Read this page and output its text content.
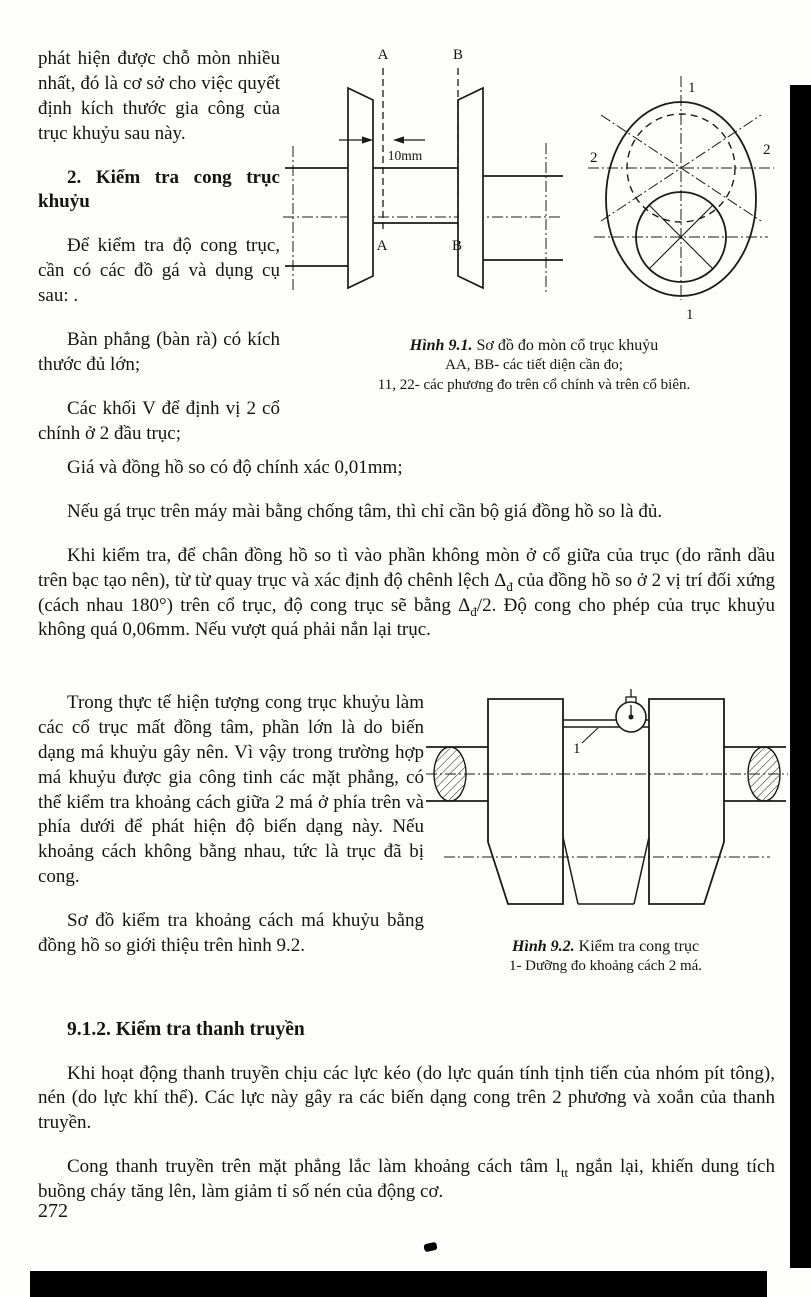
phát hiện được chỗ mòn nhiều nhất, đó là cơ sở cho việc quyết định kích thước gia công của trục khuỷu sau này.

2. Kiểm tra cong trục khuỷu

Để kiểm tra độ cong trục, cần có các đồ gá và dụng cụ sau: .

Bàn phẳng (bàn rà) có kích thước đủ lớn;

Các khối V để định vị 2 cổ chính ở 2 đầu trục;

A	B
A	B
10mm
1
2	2
1
Hình 9.1. Sơ đồ đo mòn cổ trục khuỷu
AA, BB- các tiết diện cần đo;
11, 22- các phương đo trên cổ chính và trên cổ biên.

Giá và đồng hồ so có độ chính xác 0,01mm;

Nếu gá trục trên máy mài bằng chống tâm, thì chỉ cần bộ giá đồng hồ so là đủ.

Khi kiểm tra, để chân đồng hồ so tì vào phần không mòn ở cổ giữa của trục (do rãnh dầu trên bạc tạo nên), từ từ quay trục và xác định độ chênh lệch $\Delta_đ$ của đồng hồ so ở 2 vị trí đối xứng (cách nhau 180°) trên cổ trục, độ cong trục sẽ bằng $\Delta_đ/2$. Độ cong cho phép của trục khuỷu không quá 0,06mm. Nếu vượt quá phải nắn lại trục.

Trong thực tế hiện tượng cong trục khuỷu làm các cổ trục mất đồng tâm, phần lớn là do biến dạng má khuỷu gây nên. Vì vậy trong trường hợp má khuỷu được gia công tinh các mặt phẳng, có thể kiểm tra khoảng cách giữa 2 má ở phía trên và phía dưới để phát hiện độ biến dạng này. Nếu khoảng cách không bằng nhau, tức là trục đã bị cong.

Sơ đồ kiểm tra khoảng cách má khuỷu bằng đồng hồ so giới thiệu trên hình 9.2.

1
Hình 9.2. Kiểm tra cong trục
1- Dưỡng đo khoảng cách 2 má.

9.1.2. Kiểm tra thanh truyền

Khi hoạt động thanh truyền chịu các lực kéo (do lực quán tính tịnh tiến của nhóm pít tông), nén (do lực khí thể). Các lực này gây ra các biến dạng cong trên 2 phương và xoắn của thanh truyền.

Cong thanh truyền trên mặt phẳng lắc làm khoảng cách tâm $l_{tt}$ ngắn lại, khiến dung tích buồng cháy tăng lên, làm giảm tỉ số nén của động cơ.

272
